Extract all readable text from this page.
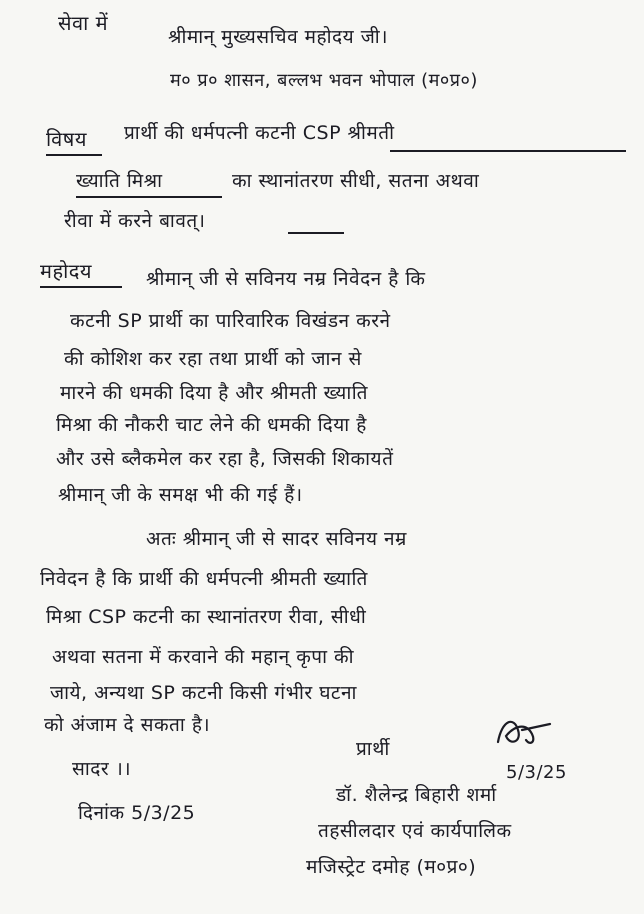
सेवा में
श्रीमान् मुख्यसचिव महोदय जी।
म० प्र० शासन, बल्लभ भवन भोपाल (म०प्र०)
विषय प्रार्थी की धर्मपत्नी कटनी CSP श्रीमती
ख्याति मिश्रा	का स्थानांतरण सीधी, सतना अथवा
रीवा में करने बावत्।
महोदय	श्रीमान् जी से सविनय नम्र निवेदन है कि
कटनी SP प्रार्थी का पारिवारिक विखंडन करने
की कोशिश कर रहा तथा प्रार्थी को जान से
मारने की धमकी दिया है और श्रीमती ख्याति
मिश्रा की नौकरी चाट लेने की धमकी दिया है
और उसे ब्लैकमेल कर रहा है, जिसकी शिकायतें
श्रीमान् जी के समक्ष भी की गई हैं।
अतः श्रीमान् जी से सादर सविनय नम्र
निवेदन है कि प्रार्थी की धर्मपत्नी श्रीमती ख्याति
मिश्रा CSP कटनी का स्थानांतरण रीवा, सीधी
अथवा सतना में करवाने की महान् कृपा की
जाये, अन्यथा SP कटनी किसी गंभीर घटना
को अंजाम दे सकता है।
प्रार्थी
सादर ।।	5/3/25
डॉ. शैलेन्द्र बिहारी शर्मा
दिनांक 5/3/25
तहसीलदार एवं कार्यपालिक
मजिस्ट्रेट दमोह (म०प्र०)
